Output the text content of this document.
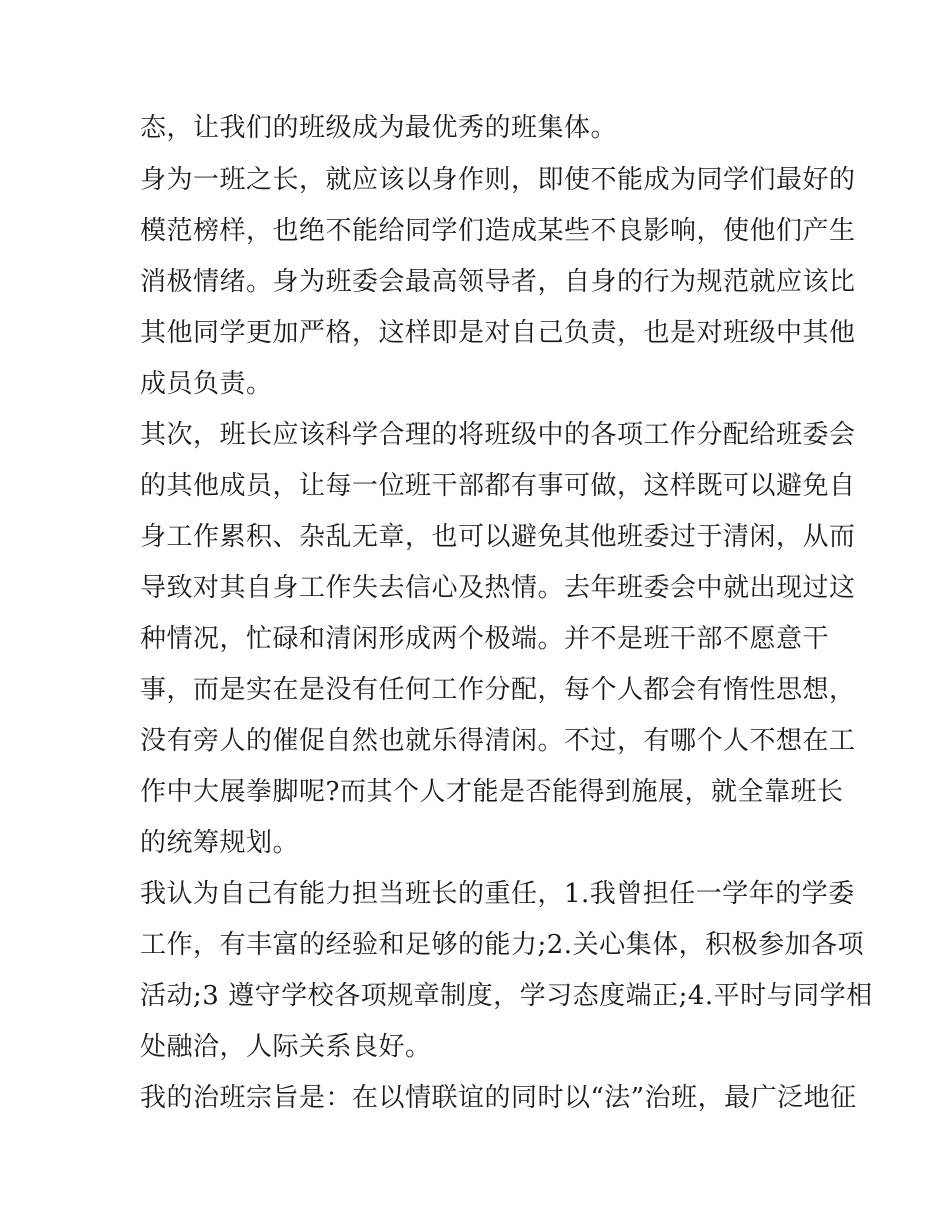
态，让我们的班级成为最优秀的班集体。
身为一班之长，就应该以身作则，即使不能成为同学们最好的
模范榜样，也绝不能给同学们造成某些不良影响，使他们产生
消极情绪。身为班委会最高领导者，自身的行为规范就应该比
其他同学更加严格，这样即是对自己负责，也是对班级中其他
成员负责。
其次，班长应该科学合理的将班级中的各项工作分配给班委会
的其他成员，让每一位班干部都有事可做，这样既可以避免自
身工作累积、杂乱无章，也可以避免其他班委过于清闲，从而
导致对其自身工作失去信心及热情。去年班委会中就出现过这
种情况，忙碌和清闲形成两个极端。并不是班干部不愿意干
事，而是实在是没有任何工作分配，每个人都会有惰性思想，
没有旁人的催促自然也就乐得清闲。不过，有哪个人不想在工
作中大展拳脚呢?而其个人才能是否能得到施展，就全靠班长
的统筹规划。
我认为自己有能力担当班长的重任，1.我曾担任一学年的学委
工作，有丰富的经验和足够的能力;2.关心集体，积极参加各项
活动;3 遵守学校各项规章制度，学习态度端正;4.平时与同学相
处融洽，人际关系良好。
我的治班宗旨是：在以情联谊的同时以“法”治班，最广泛地征
